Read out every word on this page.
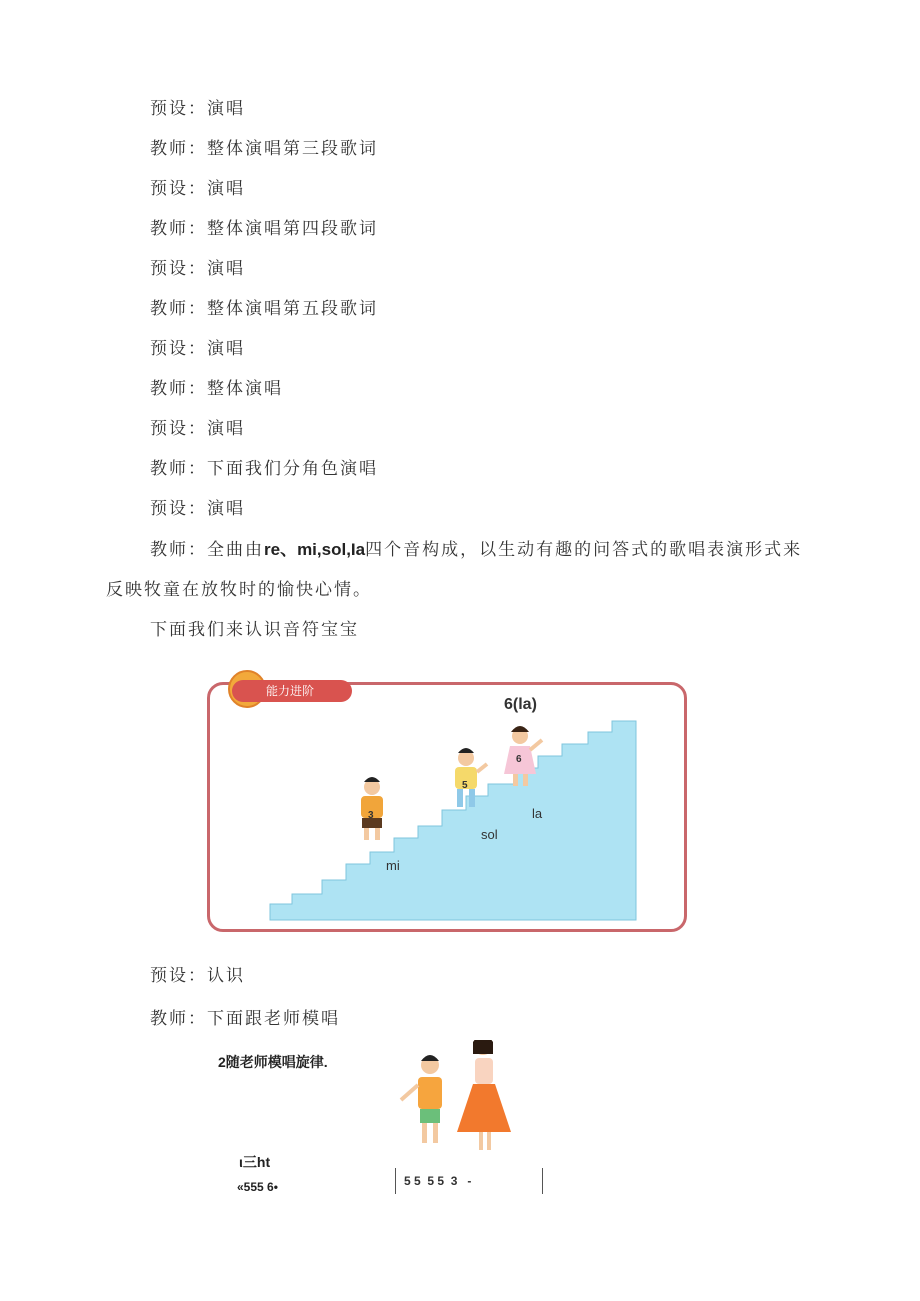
预设：演唱
教师：整体演唱第三段歌词
预设：演唱
教师：整体演唱第四段歌词
预设：演唱
教师：整体演唱第五段歌词
预设：演唱
教师：整体演唱
预设：演唱
教师：下面我们分角色演唱
预设：演唱
教师：全曲由re、mi,sol,Ia四个音构成，以生动有趣的问答式的歌唱表演形式来反映牧童在放牧时的愉快心情。
下面我们来认识音符宝宝
能力进阶
6(la)
mi
sol
la
3
5
6
预设：认识
教师：下面跟老师模唱
2随老师模唱旋律.
ι三ht
«555 6•	5 5  5 5  3   -
